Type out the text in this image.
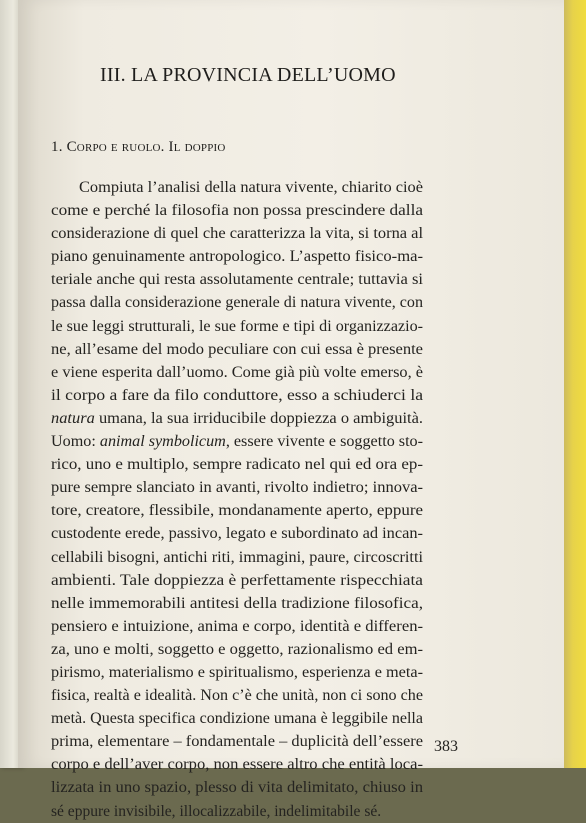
III. LA PROVINCIA DELL’UOMO
1. Corpo e ruolo. Il doppio
Compiuta l’analisi della natura vivente, chiarito cioè
come e perché la filosofia non possa prescindere dalla
considerazione di quel che caratterizza la vita, si torna al
piano genuinamente antropologico. L’aspetto fisico-ma-
teriale anche qui resta assolutamente centrale; tuttavia si
passa dalla considerazione generale di natura vivente, con
le sue leggi strutturali, le sue forme e tipi di organizzazio-
ne, all’esame del modo peculiare con cui essa è presente
e viene esperita dall’uomo. Come già più volte emerso, è
il corpo a fare da filo conduttore, esso a schiuderci la
natura umana, la sua irriducibile doppiezza o ambiguità.
Uomo: animal symbolicum, essere vivente e soggetto sto-
rico, uno e multiplo, sempre radicato nel qui ed ora ep-
pure sempre slanciato in avanti, rivolto indietro; innova-
tore, creatore, flessibile, mondanamente aperto, eppure
custodente erede, passivo, legato e subordinato ad incan-
cellabili bisogni, antichi riti, immagini, paure, circoscritti
ambienti. Tale doppiezza è perfettamente rispecchiata
nelle immemorabili antitesi della tradizione filosofica,
pensiero e intuizione, anima e corpo, identità e differen-
za, uno e molti, soggetto e oggetto, razionalismo ed em-
pirismo, materialismo e spiritualismo, esperienza e meta-
fisica, realtà e idealità. Non c’è che unità, non ci sono che
metà. Questa specifica condizione umana è leggibile nella
prima, elementare – fondamentale – duplicità dell’essere
corpo e dell’aver corpo, non essere altro che entità loca-
lizzata in uno spazio, plesso di vita delimitato, chiuso in
sé eppure invisibile, illocalizzabile, indelimitabile sé.

383
